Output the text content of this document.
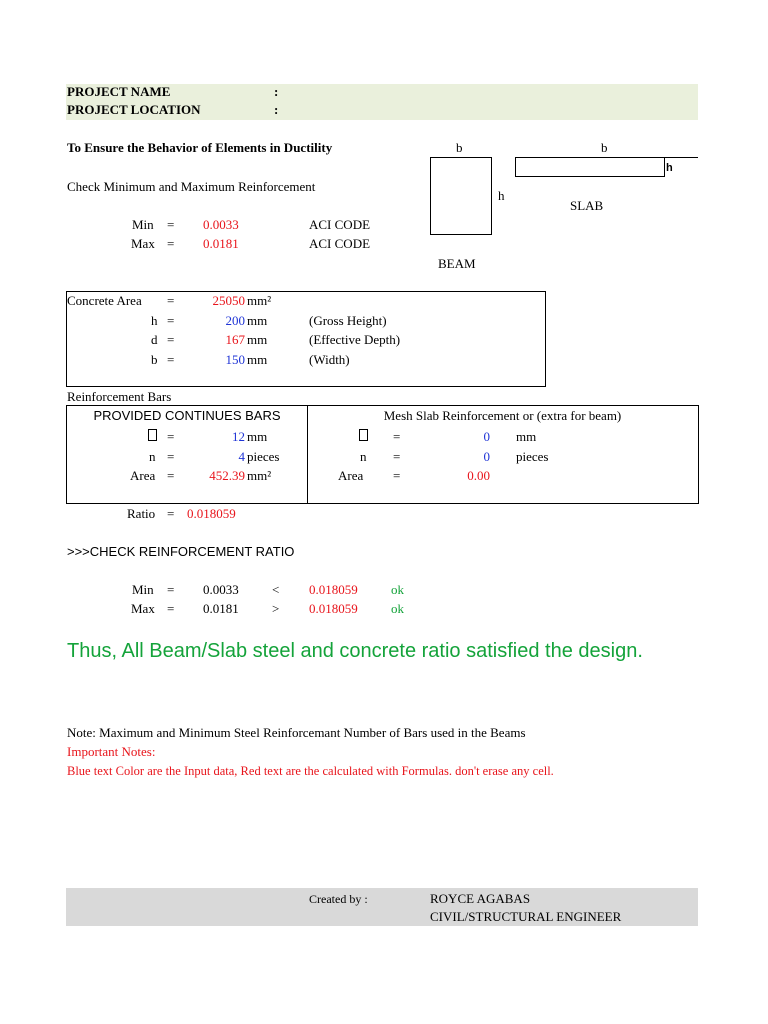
PROJECT NAME	:
PROJECT LOCATION	:
To Ensure the Behavior of Elements in Ductility
Check Minimum and Maximum Reinforcement
Min = 0.0033	ACI CODE
Max = 0.0181	ACI CODE
b
h
BEAM
b
h
SLAB
Concrete Area =	25050 mm²
h =	200 mm	(Gross Height)
d =	167 mm	(Effective Depth)
b =	150 mm	(Width)
Reinforcement Bars
PROVIDED CONTINUES BARS	Mesh Slab Reinforcement or (extra for beam)
=	12 mm
n =	4 pieces
Area =	452.39 mm²
=	0 mm
n =	0 pieces
Area =	0.00
Ratio = 0.018059
>>>CHECK REINFORCEMENT RATIO
Min = 0.0033	< 0.018059	ok
Max = 0.0181	> 0.018059	ok
Thus, All Beam/Slab steel and concrete ratio satisfied the design.
Note: Maximum and Minimum Steel Reinforcemant Number of Bars used in the Beams
Important Notes:
Blue text Color are the Input data, Red text are the calculated with Formulas. don't erase any cell.
Created by :	ROYCE AGABAS
CIVIL/STRUCTURAL ENGINEER
